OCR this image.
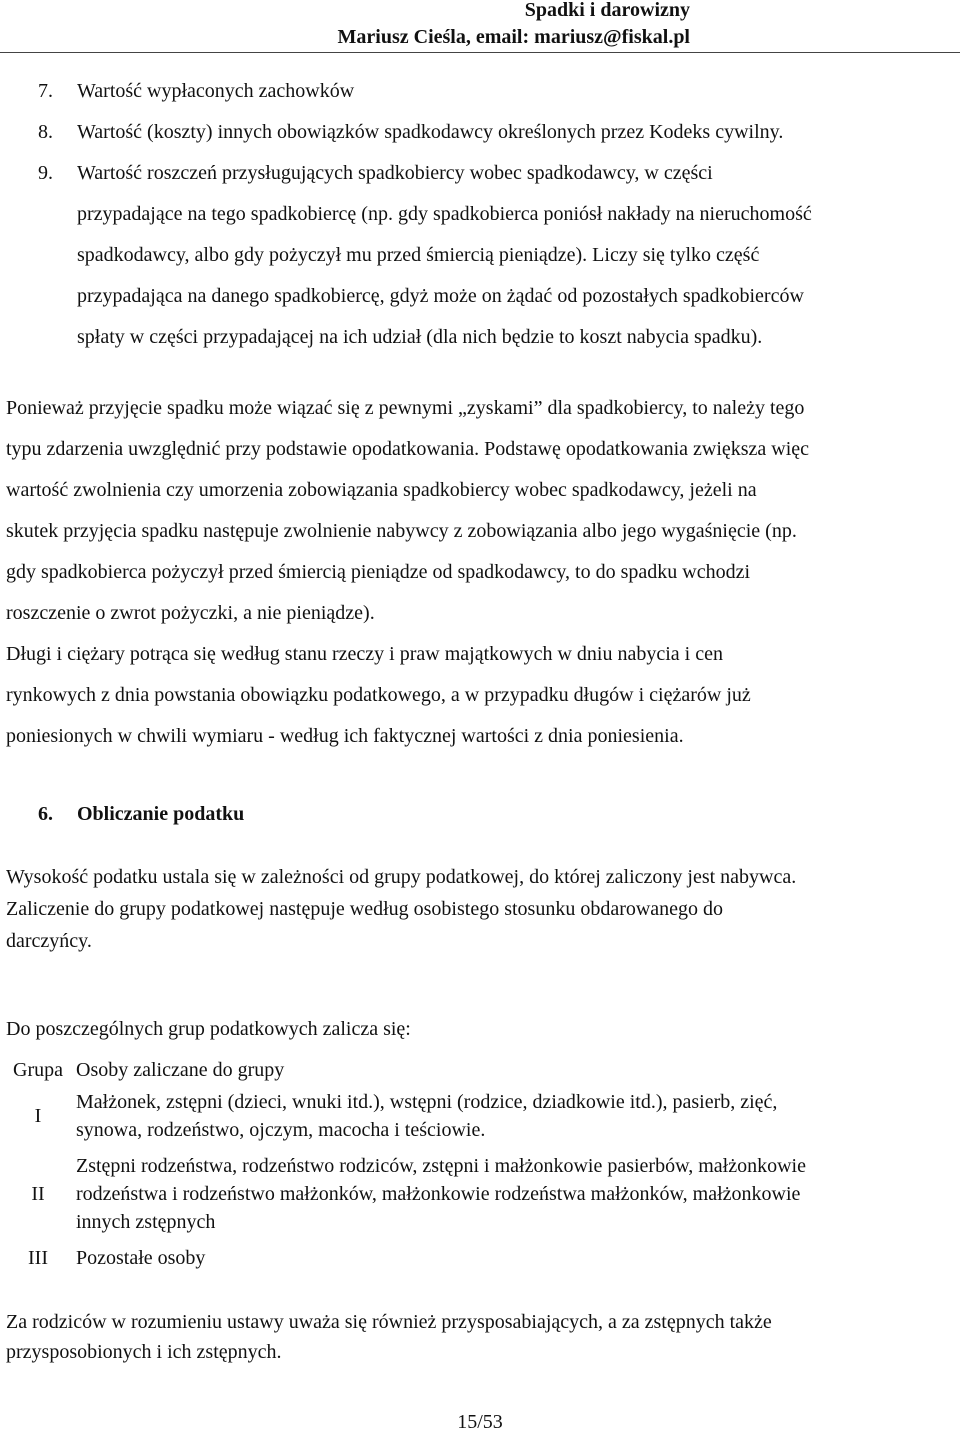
Spadki i darowizny
Mariusz Cieśla, email: mariusz@fiskal.pl
7. Wartość wypłaconych zachowków
8. Wartość (koszty) innych obowiązków spadkodawcy określonych przez Kodeks cywilny.
9. Wartość roszczeń przysługujących spadkobiercy wobec spadkodawcy, w części
przypadające na tego spadkobiercę (np. gdy spadkobierca poniósł nakłady na nieruchomość
spadkodawcy, albo gdy pożyczył mu przed śmiercią pieniądze). Liczy się tylko część
przypadająca na danego spadkobiercę, gdyż może on żądać od pozostałych spadkobierców
spłaty w części przypadającej na ich udział (dla nich będzie to koszt nabycia spadku).
Ponieważ przyjęcie spadku może wiązać się z pewnymi „zyskami” dla spadkobiercy, to należy tego
typu zdarzenia uwzględnić przy podstawie opodatkowania. Podstawę opodatkowania zwiększa więc
wartość zwolnienia czy umorzenia zobowiązania spadkobiercy wobec spadkodawcy, jeżeli na
skutek przyjęcia spadku następuje zwolnienie nabywcy z zobowiązania albo jego wygaśnięcie (np.
gdy spadkobierca pożyczył przed śmiercią pieniądze od spadkodawcy, to do spadku wchodzi
roszczenie o zwrot pożyczki, a nie pieniądze).
Długi i ciężary potrąca się według stanu rzeczy i praw majątkowych w dniu nabycia i cen
rynkowych z dnia powstania obowiązku podatkowego, a w przypadku długów i ciężarów już
poniesionych w chwili wymiaru - według ich faktycznej wartości z dnia poniesienia.
6. Obliczanie podatku
Wysokość podatku ustala się w zależności od grupy podatkowej, do której zaliczony jest nabywca.
Zaliczenie do grupy podatkowej następuje według osobistego stosunku obdarowanego do
darczyńcy.
Do poszczególnych grup podatkowych zalicza się:
Grupa	Osoby zaliczane do grupy
I	Małżonek, zstępni (dzieci, wnuki itd.), wstępni (rodzice, dziadkowie itd.), pasierb, zięć,
synowa, rodzeństwo, ojczym, macocha i teściowie.

II	Zstępni rodzeństwa, rodzeństwo rodziców, zstępni i małżonkowie pasierbów, małżonkowie
rodzeństwa i rodzeństwo małżonków, małżonkowie rodzeństwa małżonków, małżonkowie
innych zstępnych

III	Pozostałe osoby
Za rodziców w rozumieniu ustawy uważa się również przysposabiających, a za zstępnych także
przysposobionych i ich zstępnych.
15/53
